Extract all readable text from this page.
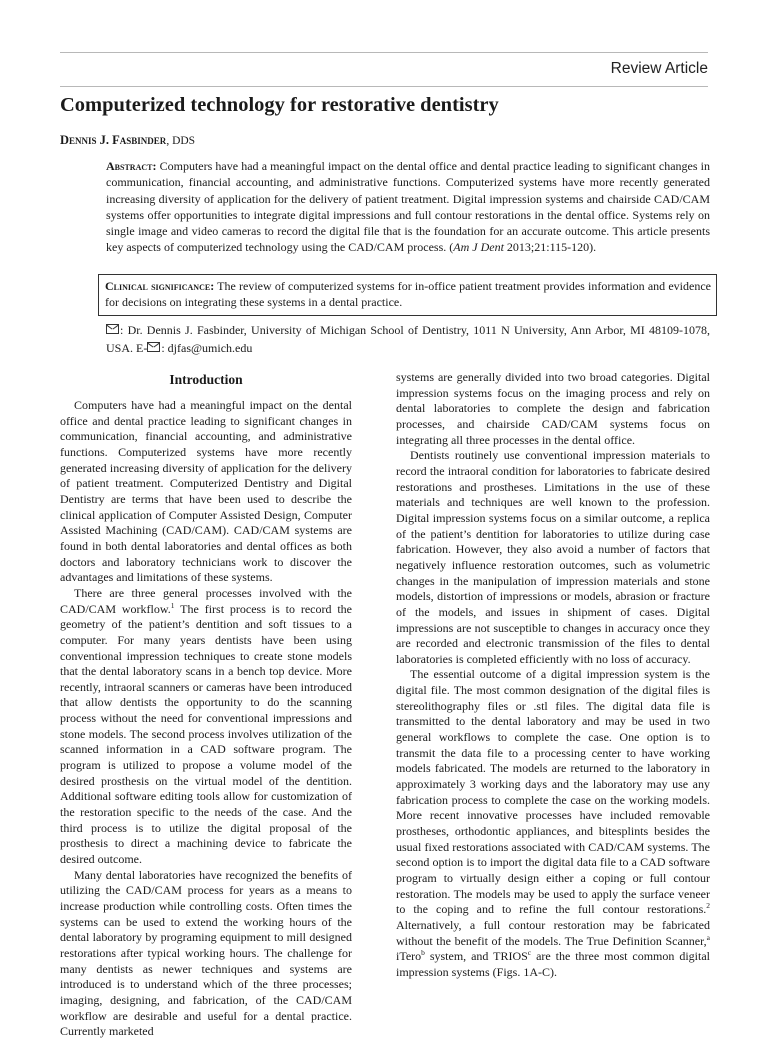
Review Article
Computerized technology for restorative dentistry
Dennis J. Fasbinder, DDS
Abstract: Computers have had a meaningful impact on the dental office and dental practice leading to significant changes in communication, financial accounting, and administrative functions. Computerized systems have more recently generated increasing diversity of application for the delivery of patient treatment. Digital impression systems and chairside CAD/CAM systems offer opportunities to integrate digital impressions and full contour restorations in the dental office. Systems rely on single image and video cameras to record the digital file that is the foundation for an accurate outcome. This article presents key aspects of computerized technology using the CAD/CAM process. (Am J Dent 2013;21:115-120).
Clinical significance: The review of computerized systems for in-office patient treatment provides information and evidence for decisions on integrating these systems in a dental practice.
: Dr. Dennis J. Fasbinder, University of Michigan School of Dentistry, 1011 N University, Ann Arbor, MI 48109-1078, USA. E- : djfas@umich.edu
Introduction

Computers have had a meaningful impact on the dental office and dental practice leading to significant changes in communication, financial accounting, and administrative functions. Computerized systems have more recently generated increasing diversity of application for the delivery of patient treatment. Computerized Dentistry and Digital Dentistry are terms that have been used to describe the clinical application of Computer Assisted Design, Computer Assisted Machining (CAD/CAM). CAD/CAM systems are found in both dental laboratories and dental offices as both doctors and laboratory technicians work to discover the advantages and limitations of these systems.

There are three general processes involved with the CAD/CAM workflow.$^1$ The first process is to record the geometry of the patient’s dentition and soft tissues to a computer. For many years dentists have been using conventional impression techniques to create stone models that the dental laboratory scans in a bench top device. More recently, intraoral scanners or cameras have been introduced that allow dentists the opportunity to do the scanning process without the need for conventional impressions and stone models. The second process involves utilization of the scanned information in a CAD software program. The program is utilized to propose a volume model of the desired prosthesis on the virtual model of the dentition. Additional software editing tools allow for customization of the restoration specific to the needs of the case. And the third process is to utilize the digital proposal of the prosthesis to direct a machining device to fabricate the desired outcome.

Many dental laboratories have recognized the benefits of utilizing the CAD/CAM process for years as a means to increase production while controlling costs. Often times the systems can be used to extend the working hours of the dental laboratory by programing equipment to mill designed restorations after typical working hours. The challenge for many dentists as newer techniques and systems are introduced is to understand which of the three processes; imaging, designing, and fabrication, of the CAD/CAM workflow are desirable and useful for a dental practice. Currently marketed

systems are generally divided into two broad categories. Digital impression systems focus on the imaging process and rely on dental laboratories to complete the design and fabrication processes, and chairside CAD/CAM systems focus on integrating all three processes in the dental office.

Dentists routinely use conventional impression materials to record the intraoral condition for laboratories to fabricate desired restorations and prostheses. Limitations in the use of these materials and techniques are well known to the profession. Digital impression systems focus on a similar outcome, a replica of the patient’s dentition for laboratories to utilize during case fabrication. However, they also avoid a number of factors that negatively influence restoration outcomes, such as volumetric changes in the manipulation of impression materials and stone models, distortion of impressions or models, abrasion or fracture of the models, and issues in shipment of cases. Digital impressions are not susceptible to changes in accuracy once they are recorded and electronic transmission of the files to dental laboratories is completed efficiently with no loss of accuracy.

The essential outcome of a digital impression system is the digital file. The most common designation of the digital files is stereolithography files or .stl files. The digital data file is transmitted to the dental laboratory and may be used in two general workflows to complete the case. One option is to transmit the data file to a processing center to have working models fabricated. The models are returned to the laboratory in approximately 3 working days and the laboratory may use any fabrication process to complete the case on the working models. More recent innovative processes have included removable prostheses, orthodontic appliances, and bitesplints besides the usual fixed restorations associated with CAD/CAM systems. The second option is to import the digital data file to a CAD software program to virtually design either a coping or full contour restoration. The models may be used to apply the surface veneer to the coping and to refine the full contour restorations.$^2$ Alternatively, a full contour restoration may be fabricated without the benefit of the models. The True Definition Scanner,$^a$ iTero$^b$ system, and TRIOS$^c$ are the three most common digital impression systems (Figs. 1A-C).
